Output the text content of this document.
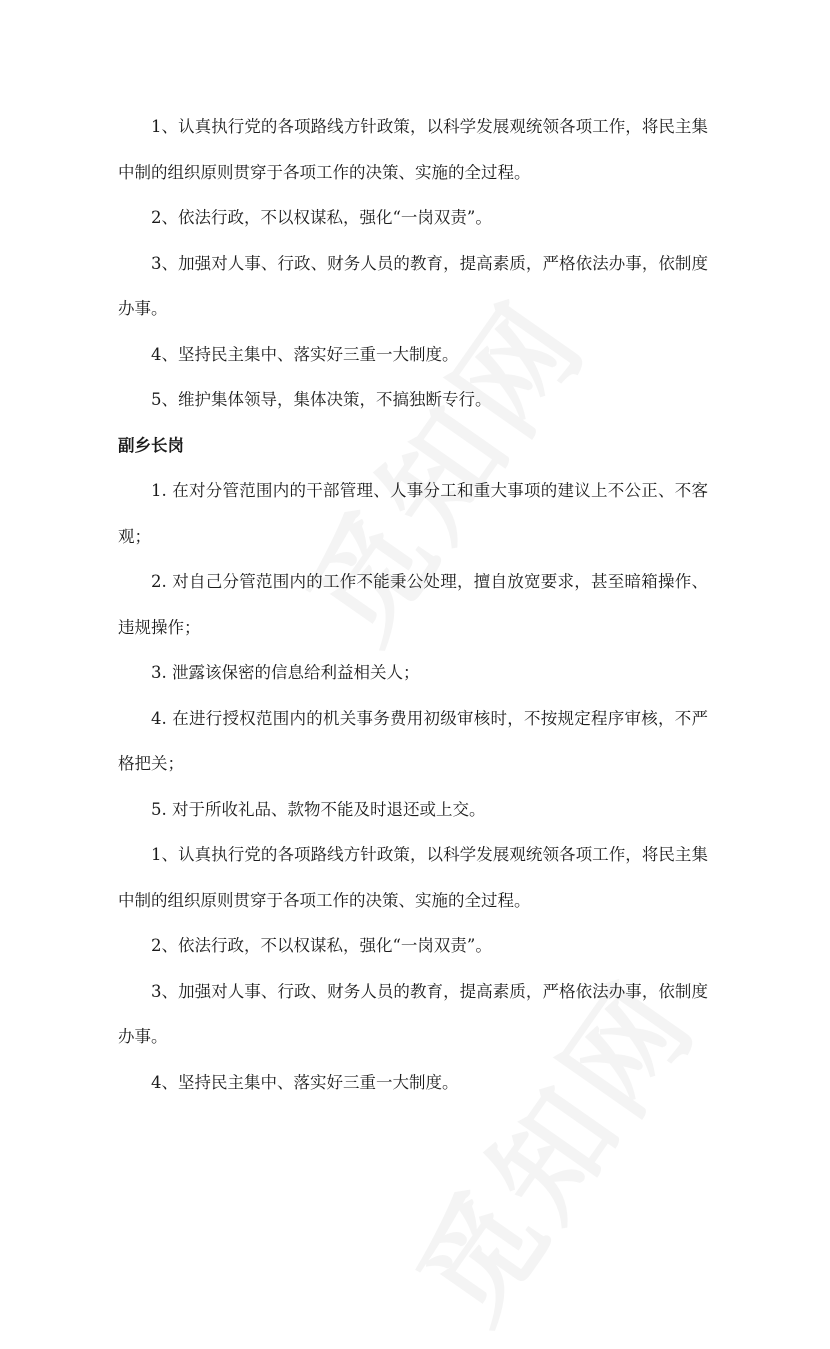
1、认真执行党的各项路线方针政策，以科学发展观统领各项工作，将民主集中制的组织原则贯穿于各项工作的决策、实施的全过程。

2、依法行政，不以权谋私，强化“一岗双责”。

3、加强对人事、行政、财务人员的教育，提高素质，严格依法办事，依制度办事。

4、坚持民主集中、落实好三重一大制度。

5、维护集体领导，集体决策，不搞独断专行。

副乡长岗

1. 在对分管范围内的干部管理、人事分工和重大事项的建议上不公正、不客观；

2. 对自己分管范围内的工作不能秉公处理，擅自放宽要求，甚至暗箱操作、违规操作；

3. 泄露该保密的信息给利益相关人；

4. 在进行授权范围内的机关事务费用初级审核时，不按规定程序审核，不严格把关；

5. 对于所收礼品、款物不能及时退还或上交。

1、认真执行党的各项路线方针政策，以科学发展观统领各项工作，将民主集中制的组织原则贯穿于各项工作的决策、实施的全过程。

2、依法行政，不以权谋私，强化“一岗双责”。

3、加强对人事、行政、财务人员的教育，提高素质，严格依法办事，依制度办事。

4、坚持民主集中、落实好三重一大制度。
